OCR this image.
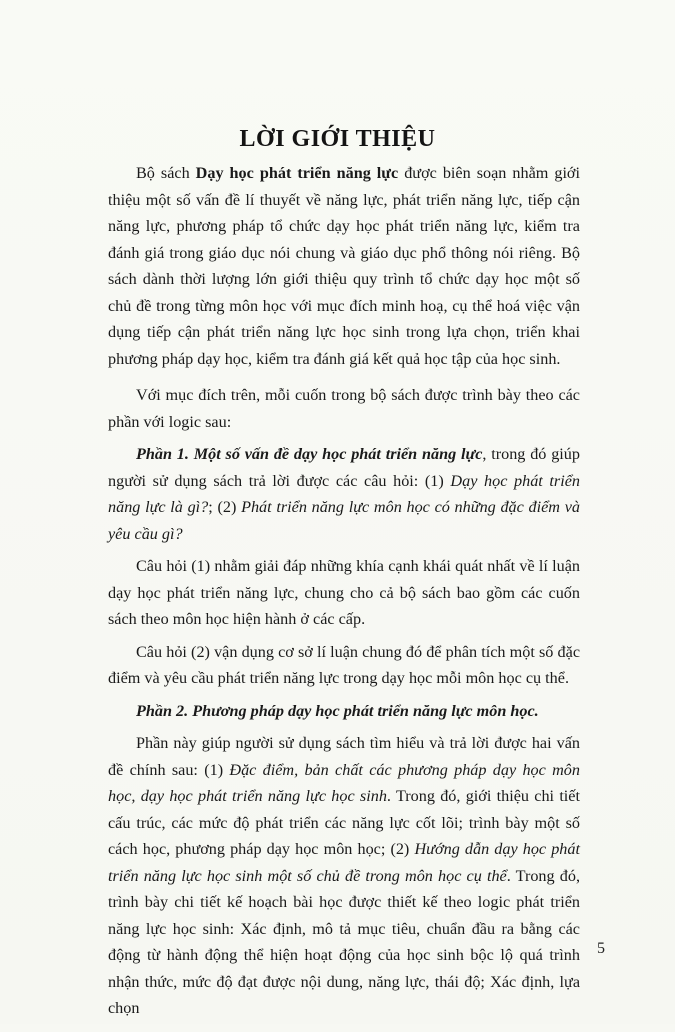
LỜI GIỚI THIỆU

Bộ sách Dạy học phát triển năng lực được biên soạn nhằm giới thiệu một số vấn đề lí thuyết về năng lực, phát triển năng lực, tiếp cận năng lực, phương pháp tổ chức dạy học phát triển năng lực, kiểm tra đánh giá trong giáo dục nói chung và giáo dục phổ thông nói riêng. Bộ sách dành thời lượng lớn giới thiệu quy trình tổ chức dạy học một số chủ đề trong từng môn học với mục đích minh hoạ, cụ thể hoá việc vận dụng tiếp cận phát triển năng lực học sinh trong lựa chọn, triển khai phương pháp dạy học, kiểm tra đánh giá kết quả học tập của học sinh.

Với mục đích trên, mỗi cuốn trong bộ sách được trình bày theo các phần với logic sau:

Phần 1. Một số vấn đề dạy học phát triển năng lực, trong đó giúp người sử dụng sách trả lời được các câu hỏi: (1) Dạy học phát triển năng lực là gì?; (2) Phát triển năng lực môn học có những đặc điểm và yêu cầu gì?

Câu hỏi (1) nhằm giải đáp những khía cạnh khái quát nhất về lí luận dạy học phát triển năng lực, chung cho cả bộ sách bao gồm các cuốn sách theo môn học hiện hành ở các cấp.

Câu hỏi (2) vận dụng cơ sở lí luận chung đó để phân tích một số đặc điểm và yêu cầu phát triển năng lực trong dạy học mỗi môn học cụ thể.

Phần 2. Phương pháp dạy học phát triển năng lực môn học.

Phần này giúp người sử dụng sách tìm hiểu và trả lời được hai vấn đề chính sau: (1) Đặc điểm, bản chất các phương pháp dạy học môn học, dạy học phát triển năng lực học sinh. Trong đó, giới thiệu chi tiết cấu trúc, các mức độ phát triển các năng lực cốt lõi; trình bày một số cách học, phương pháp dạy học môn học; (2) Hướng dẫn dạy học phát triển năng lực học sinh một số chủ đề trong môn học cụ thể. Trong đó, trình bày chi tiết kế hoạch bài học được thiết kế theo logic phát triển năng lực học sinh: Xác định, mô tả mục tiêu, chuẩn đầu ra bằng các động từ hành động thể hiện hoạt động của học sinh bộc lộ quá trình nhận thức, mức độ đạt được nội dung, năng lực, thái độ; Xác định, lựa chọn

5
